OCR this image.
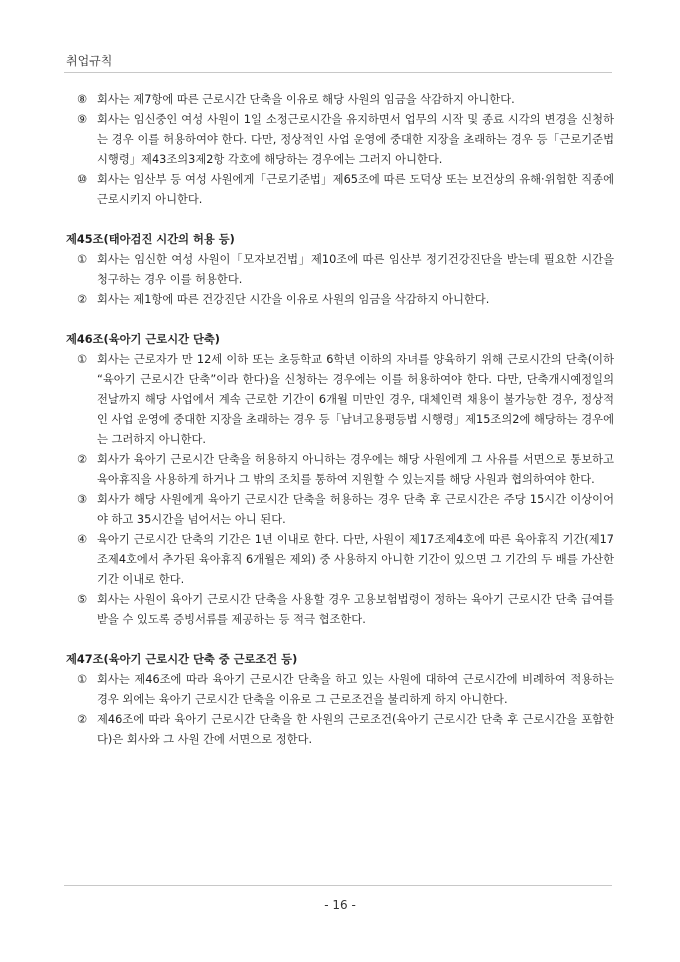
취업규칙

⑧ 회사는 제7항에 따른 근로시간 단축을 이유로 해당 사원의 임금을 삭감하지 아니한다.

⑨ 회사는 임신중인 여성 사원이 1일 소정근로시간을 유지하면서 업무의 시작 및 종료 시각의 변경을 신청하는 경우 이를 허용하여야 한다. 다만, 정상적인 사업 운영에 중대한 지장을 초래하는 경우 등「근로기준법 시행령」제43조의3제2항 각호에 해당하는 경우에는 그러지 아니한다.

⑩ 회사는 임산부 등 여성 사원에게「근로기준법」제65조에 따른 도덕상 또는 보건상의 유해·위험한 직종에 근로시키지 아니한다.

제45조(태아검진 시간의 허용 등)

① 회사는 임신한 여성 사원이「모자보건법」제10조에 따른 임산부 정기건강진단을 받는데 필요한 시간을 청구하는 경우 이를 허용한다.

② 회사는 제1항에 따른 건강진단 시간을 이유로 사원의 임금을 삭감하지 아니한다.

제46조(육아기 근로시간 단축)

① 회사는 근로자가 만 12세 이하 또는 초등학교 6학년 이하의 자녀를 양육하기 위해 근로시간의 단축(이하 “육아기 근로시간 단축”이라 한다)을 신청하는 경우에는 이를 허용하여야 한다. 다만, 단축개시예정일의 전날까지 해당 사업에서 계속 근로한 기간이 6개월 미만인 경우, 대체인력 채용이 불가능한 경우, 정상적인 사업 운영에 중대한 지장을 초래하는 경우 등「남녀고용평등법 시행령」제15조의2에 해당하는 경우에는 그러하지 아니한다.

② 회사가 육아기 근로시간 단축을 허용하지 아니하는 경우에는 해당 사원에게 그 사유를 서면으로 통보하고 육아휴직을 사용하게 하거나 그 밖의 조치를 통하여 지원할 수 있는지를 해당 사원과 협의하여야 한다.

③ 회사가 해당 사원에게 육아기 근로시간 단축을 허용하는 경우 단축 후 근로시간은 주당 15시간 이상이어야 하고 35시간을 넘어서는 아니 된다.

④ 육아기 근로시간 단축의 기간은 1년 이내로 한다. 다만, 사원이 제17조제4호에 따른 육아휴직 기간(제17조제4호에서 추가된 육아휴직 6개월은 제외) 중 사용하지 아니한 기간이 있으면 그 기간의 두 배를 가산한 기간 이내로 한다.

⑤ 회사는 사원이 육아기 근로시간 단축을 사용할 경우 고용보험법령이 정하는 육아기 근로시간 단축 급여를 받을 수 있도록 증빙서류를 제공하는 등 적극 협조한다.

제47조(육아기 근로시간 단축 중 근로조건 등)

① 회사는 제46조에 따라 육아기 근로시간 단축을 하고 있는 사원에 대하여 근로시간에 비례하여 적용하는 경우 외에는 육아기 근로시간 단축을 이유로 그 근로조건을 불리하게 하지 아니한다.

② 제46조에 따라 육아기 근로시간 단축을 한 사원의 근로조건(육아기 근로시간 단축 후 근로시간을 포함한다)은 회사와 그 사원 간에 서면으로 정한다.

- 16 -
